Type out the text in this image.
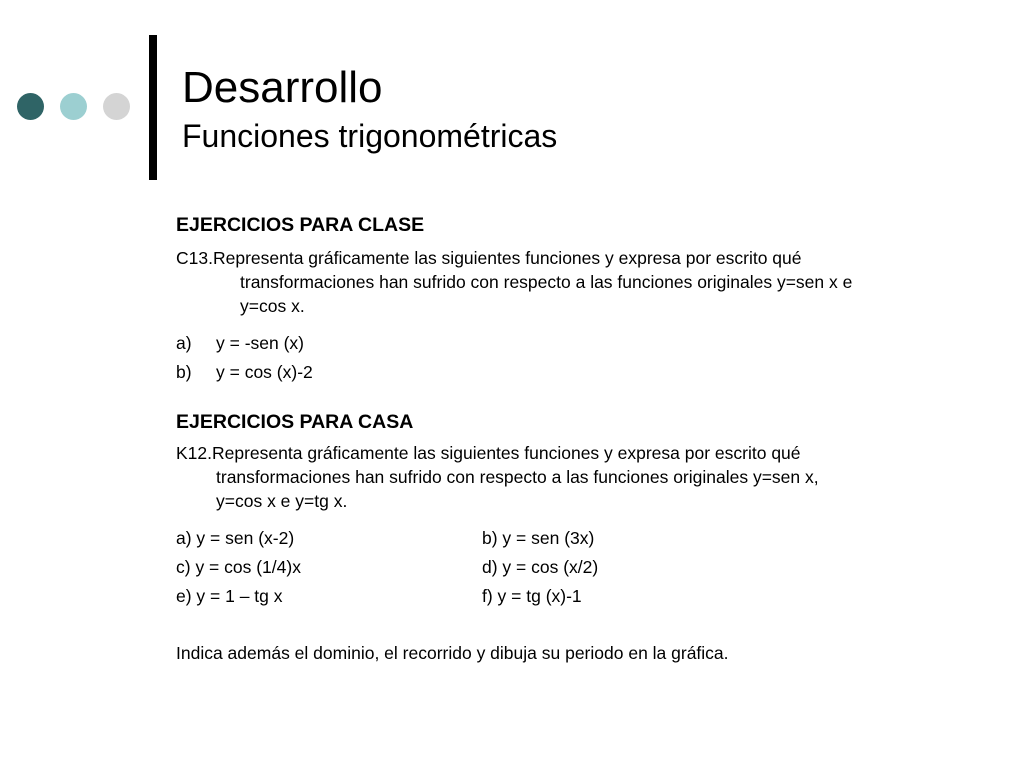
Desarrollo
Funciones trigonométricas
EJERCICIOS PARA CLASE
C13.Representa gráficamente las siguientes funciones y expresa por escrito qué
transformaciones han sufrido con respecto a las funciones originales y=sen x e
y=cos x.
a) y = -sen (x)
b) y = cos (x)-2
EJERCICIOS PARA CASA
K12.Representa gráficamente las siguientes funciones y expresa por escrito qué
transformaciones han sufrido con respecto a las funciones originales y=sen x,
y=cos x e y=tg x.
a) y = sen (x-2)	b) y = sen (3x)
c) y = cos (1/4)x	d) y = cos (x/2)
e) y = 1 – tg x	f) y = tg (x)-1
Indica además el dominio, el recorrido y dibuja su periodo en la gráfica.
